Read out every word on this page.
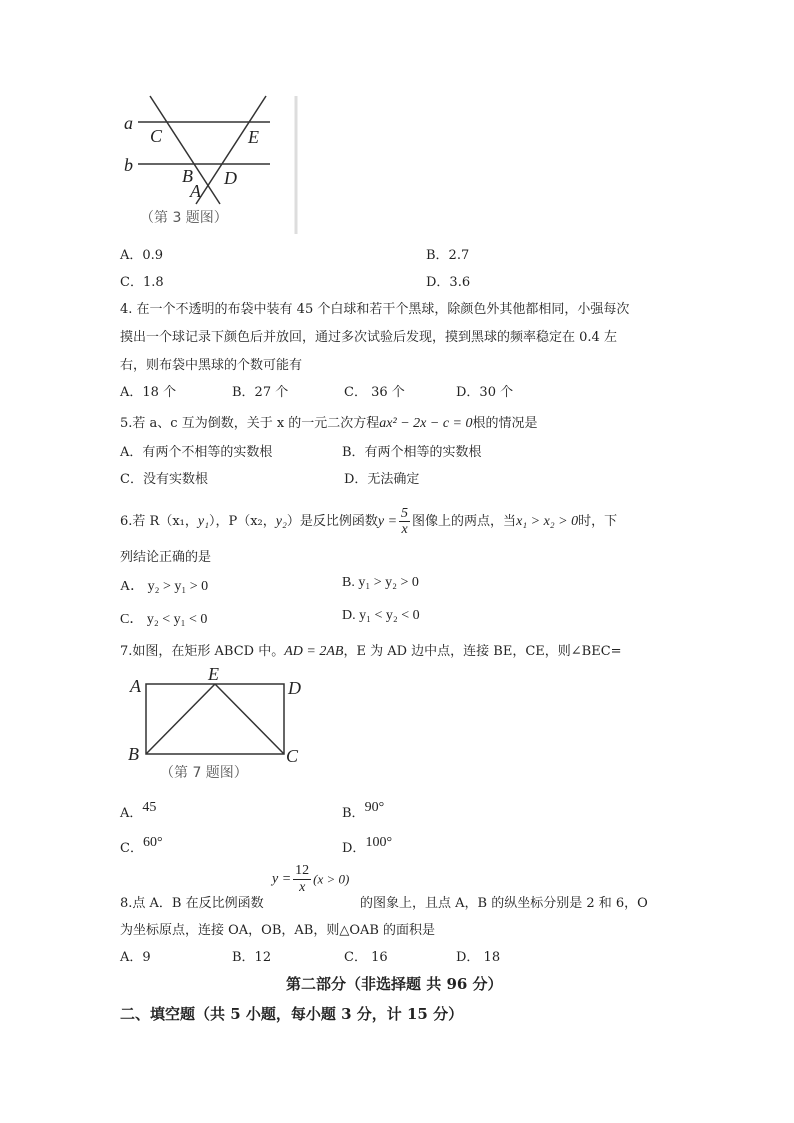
a
b
C	E
B
A
D
（第 3 题图）
A．0.9	B．2.7
C．1.8	D．3.6
4. 在一个不透明的布袋中装有 45 个白球和若干个黑球，除颜色外其他都相同，小强每次
摸出一个球记录下颜色后并放回，通过多次试验后发现，摸到黑球的频率稳定在 0.4 左
右，则布袋中黑球的个数可能有
A．18 个	B．27 个	C． 36 个	D．30 个
5.若 a、c 互为倒数，关于 x 的一元二次方程ax² − 2x − c = 0根的情况是
A．有两个不相等的实数根	B．有两个相等的实数根
C．没有实数根	D．无法确定
6.若 R（x₁，y₁），P（x₂，y₂）是反比例函数$y = \frac{5}{x}$ 图像上的两点，当x₁ > x₂ > 0时，下
列结论正确的是
A． y₂ > y₁ > 0	B. y₁ > y₂ > 0
C． y₂ < y₁ < 0	D. y₁ < y₂ < 0
7.如图，在矩形 ABCD 中。AD = 2AB，E 为 AD 边中点，连接 BE，CE，则∠BEC=
A
E
D
B	C
（第 7 题图）
A．45	B．90°
C．60°	D．100°
8.点 A．B 在反比例函数
$y = \frac{12}{x} (x > 0)$
的图象上，且点 A，B 的纵坐标分别是 2 和 6，O
为坐标原点，连接 OA，OB，AB，则△OAB 的面积是
A．9	B．12	C． 16	D． 18
第二部分（非选择题 共 96 分）
二、填空题（共 5 小题，每小题 3 分，计 15 分）
